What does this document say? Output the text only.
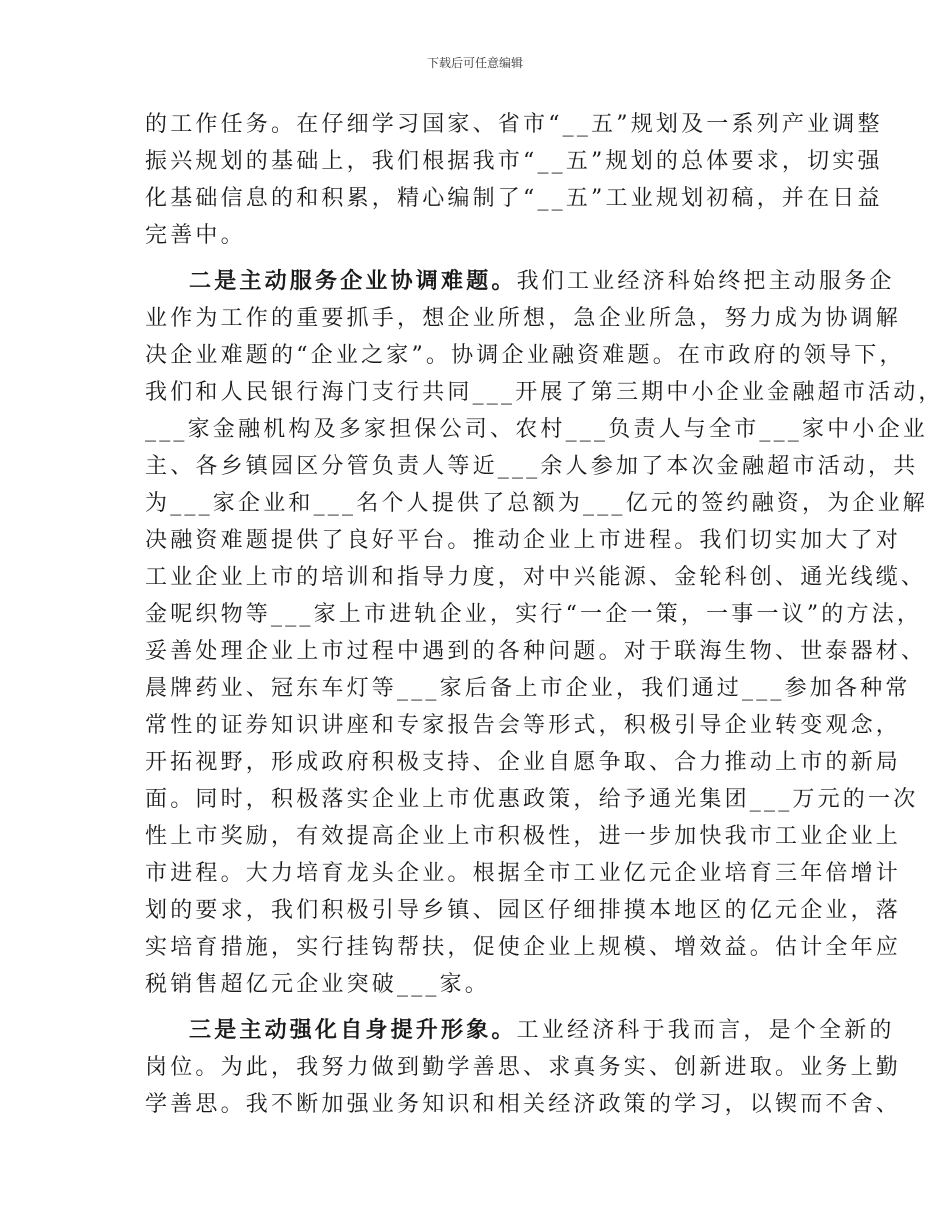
下载后可任意编辑
的工作任务。在仔细学习国家、省市“__五”规划及一系列产业调整
振兴规划的基础上，我们根据我市“__五”规划的总体要求，切实强
化基础信息的和积累，精心编制了“__五”工业规划初稿，并在日益
完善中。
二是主动服务企业协调难题。我们工业经济科始终把主动服务企
业作为工作的重要抓手，想企业所想，急企业所急，努力成为协调解
决企业难题的“企业之家”。协调企业融资难题。在市政府的领导下，
我们和人民银行海门支行共同___开展了第三期中小企业金融超市活动，
___家金融机构及多家担保公司、农村___负责人与全市___家中小企业
主、各乡镇园区分管负责人等近___余人参加了本次金融超市活动，共
为___家企业和___名个人提供了总额为___亿元的签约融资，为企业解
决融资难题提供了良好平台。推动企业上市进程。我们切实加大了对
工业企业上市的培训和指导力度，对中兴能源、金轮科创、通光线缆、
金呢织物等___家上市进轨企业，实行“一企一策，一事一议”的方法，
妥善处理企业上市过程中遇到的各种问题。对于联海生物、世泰器材、
晨牌药业、冠东车灯等___家后备上市企业，我们通过___参加各种常
常性的证券知识讲座和专家报告会等形式，积极引导企业转变观念，
开拓视野，形成政府积极支持、企业自愿争取、合力推动上市的新局
面。同时，积极落实企业上市优惠政策，给予通光集团___万元的一次
性上市奖励，有效提高企业上市积极性，进一步加快我市工业企业上
市进程。大力培育龙头企业。根据全市工业亿元企业培育三年倍增计
划的要求，我们积极引导乡镇、园区仔细排摸本地区的亿元企业，落
实培育措施，实行挂钩帮扶，促使企业上规模、增效益。估计全年应
税销售超亿元企业突破___家。
三是主动强化自身提升形象。工业经济科于我而言，是个全新的
岗位。为此，我努力做到勤学善思、求真务实、创新进取。业务上勤
学善思。我不断加强业务知识和相关经济政策的学习，以锲而不舍、
